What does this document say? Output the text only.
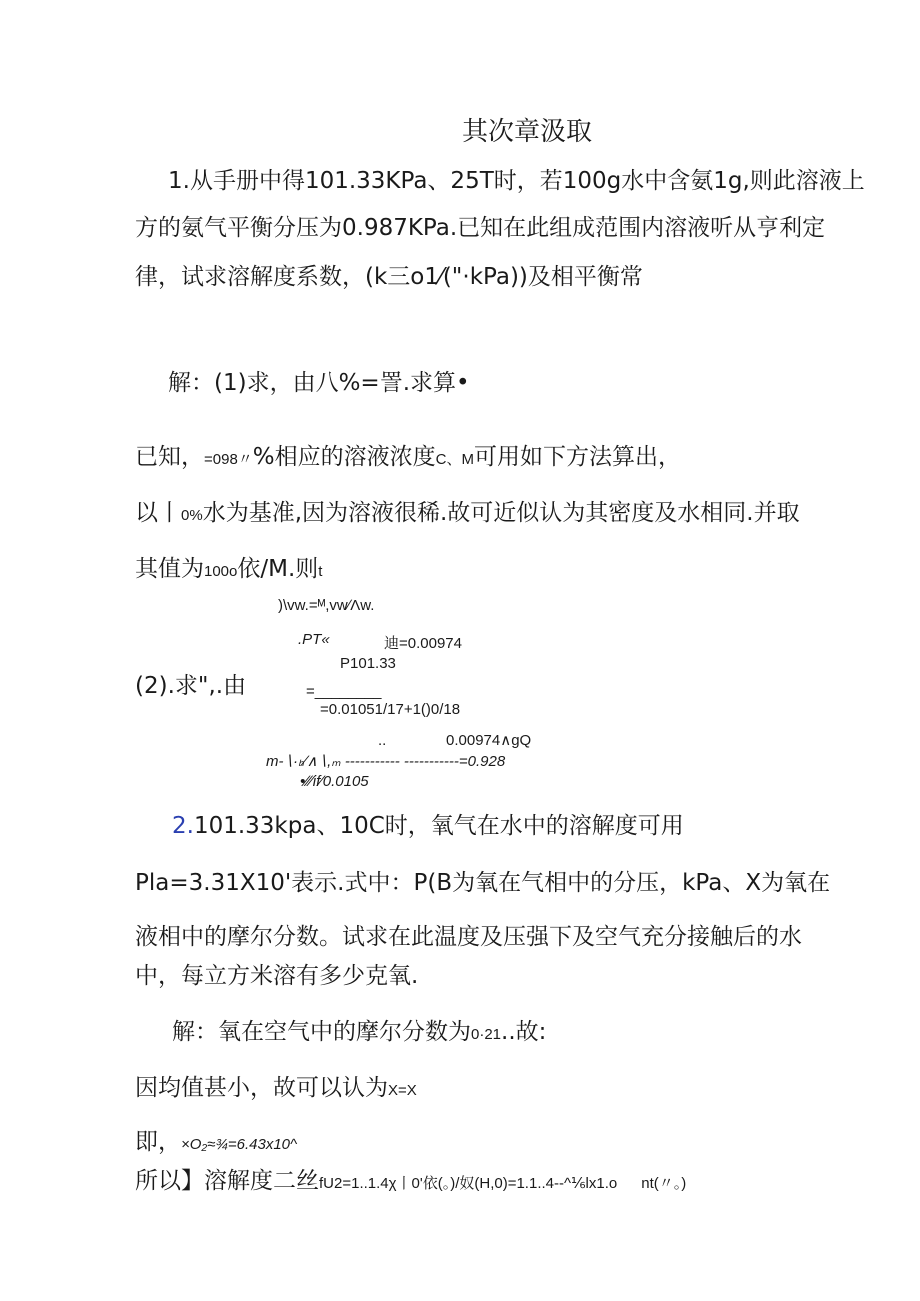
其次章汲取
1.从手册中得101.33KPa、25T时，若100g水中含氨1g,则此溶液上
方的氨气平衡分压为0.987KPa.已知在此组成范围内溶液听从亨利定
律，试求溶解度系数，(k三o1⁄("·kPa))及相平衡常
解：(1)求，由八%=詈.求算•
已知，=098〃%相应的溶液浓度C、M可用如下方法算出，
以丨0%水为基准,因为溶液很稀.故可近似认为其密度及水相同.并取
其值为100o依/M.则t
)\vw.=ᴹ,vw∕Λw.
.PT«	迪=0.00974
P101.33
(2).求",.由	=________
=0.01051/17+1()0/18
..	0.00974∧gQ
m-∖·ₕ∕∧∖,ₘ ----------- -----------=0.928
•∕∕∕if∕0.0105
2.101.33kpa、10C时，氧气在水中的溶解度可用
Pla=3.31X10'表示.式中：P(B为氧在气相中的分压，kPa、X为氧在
液相中的摩尔分数。试求在此温度及压强下及空气充分接触后的水
中，每立方米溶有多少克氧.
解：氧在空气中的摩尔分数为0·21..故:
因均值甚小，故可以认为X=X
即，×O₂≈¾=6.43x10^
所以】溶解度二丝fU2=1..1.4χ丨0'依(。)/奴(H,0)=1.1..4--^⅙lx1.o nt(〃。)
